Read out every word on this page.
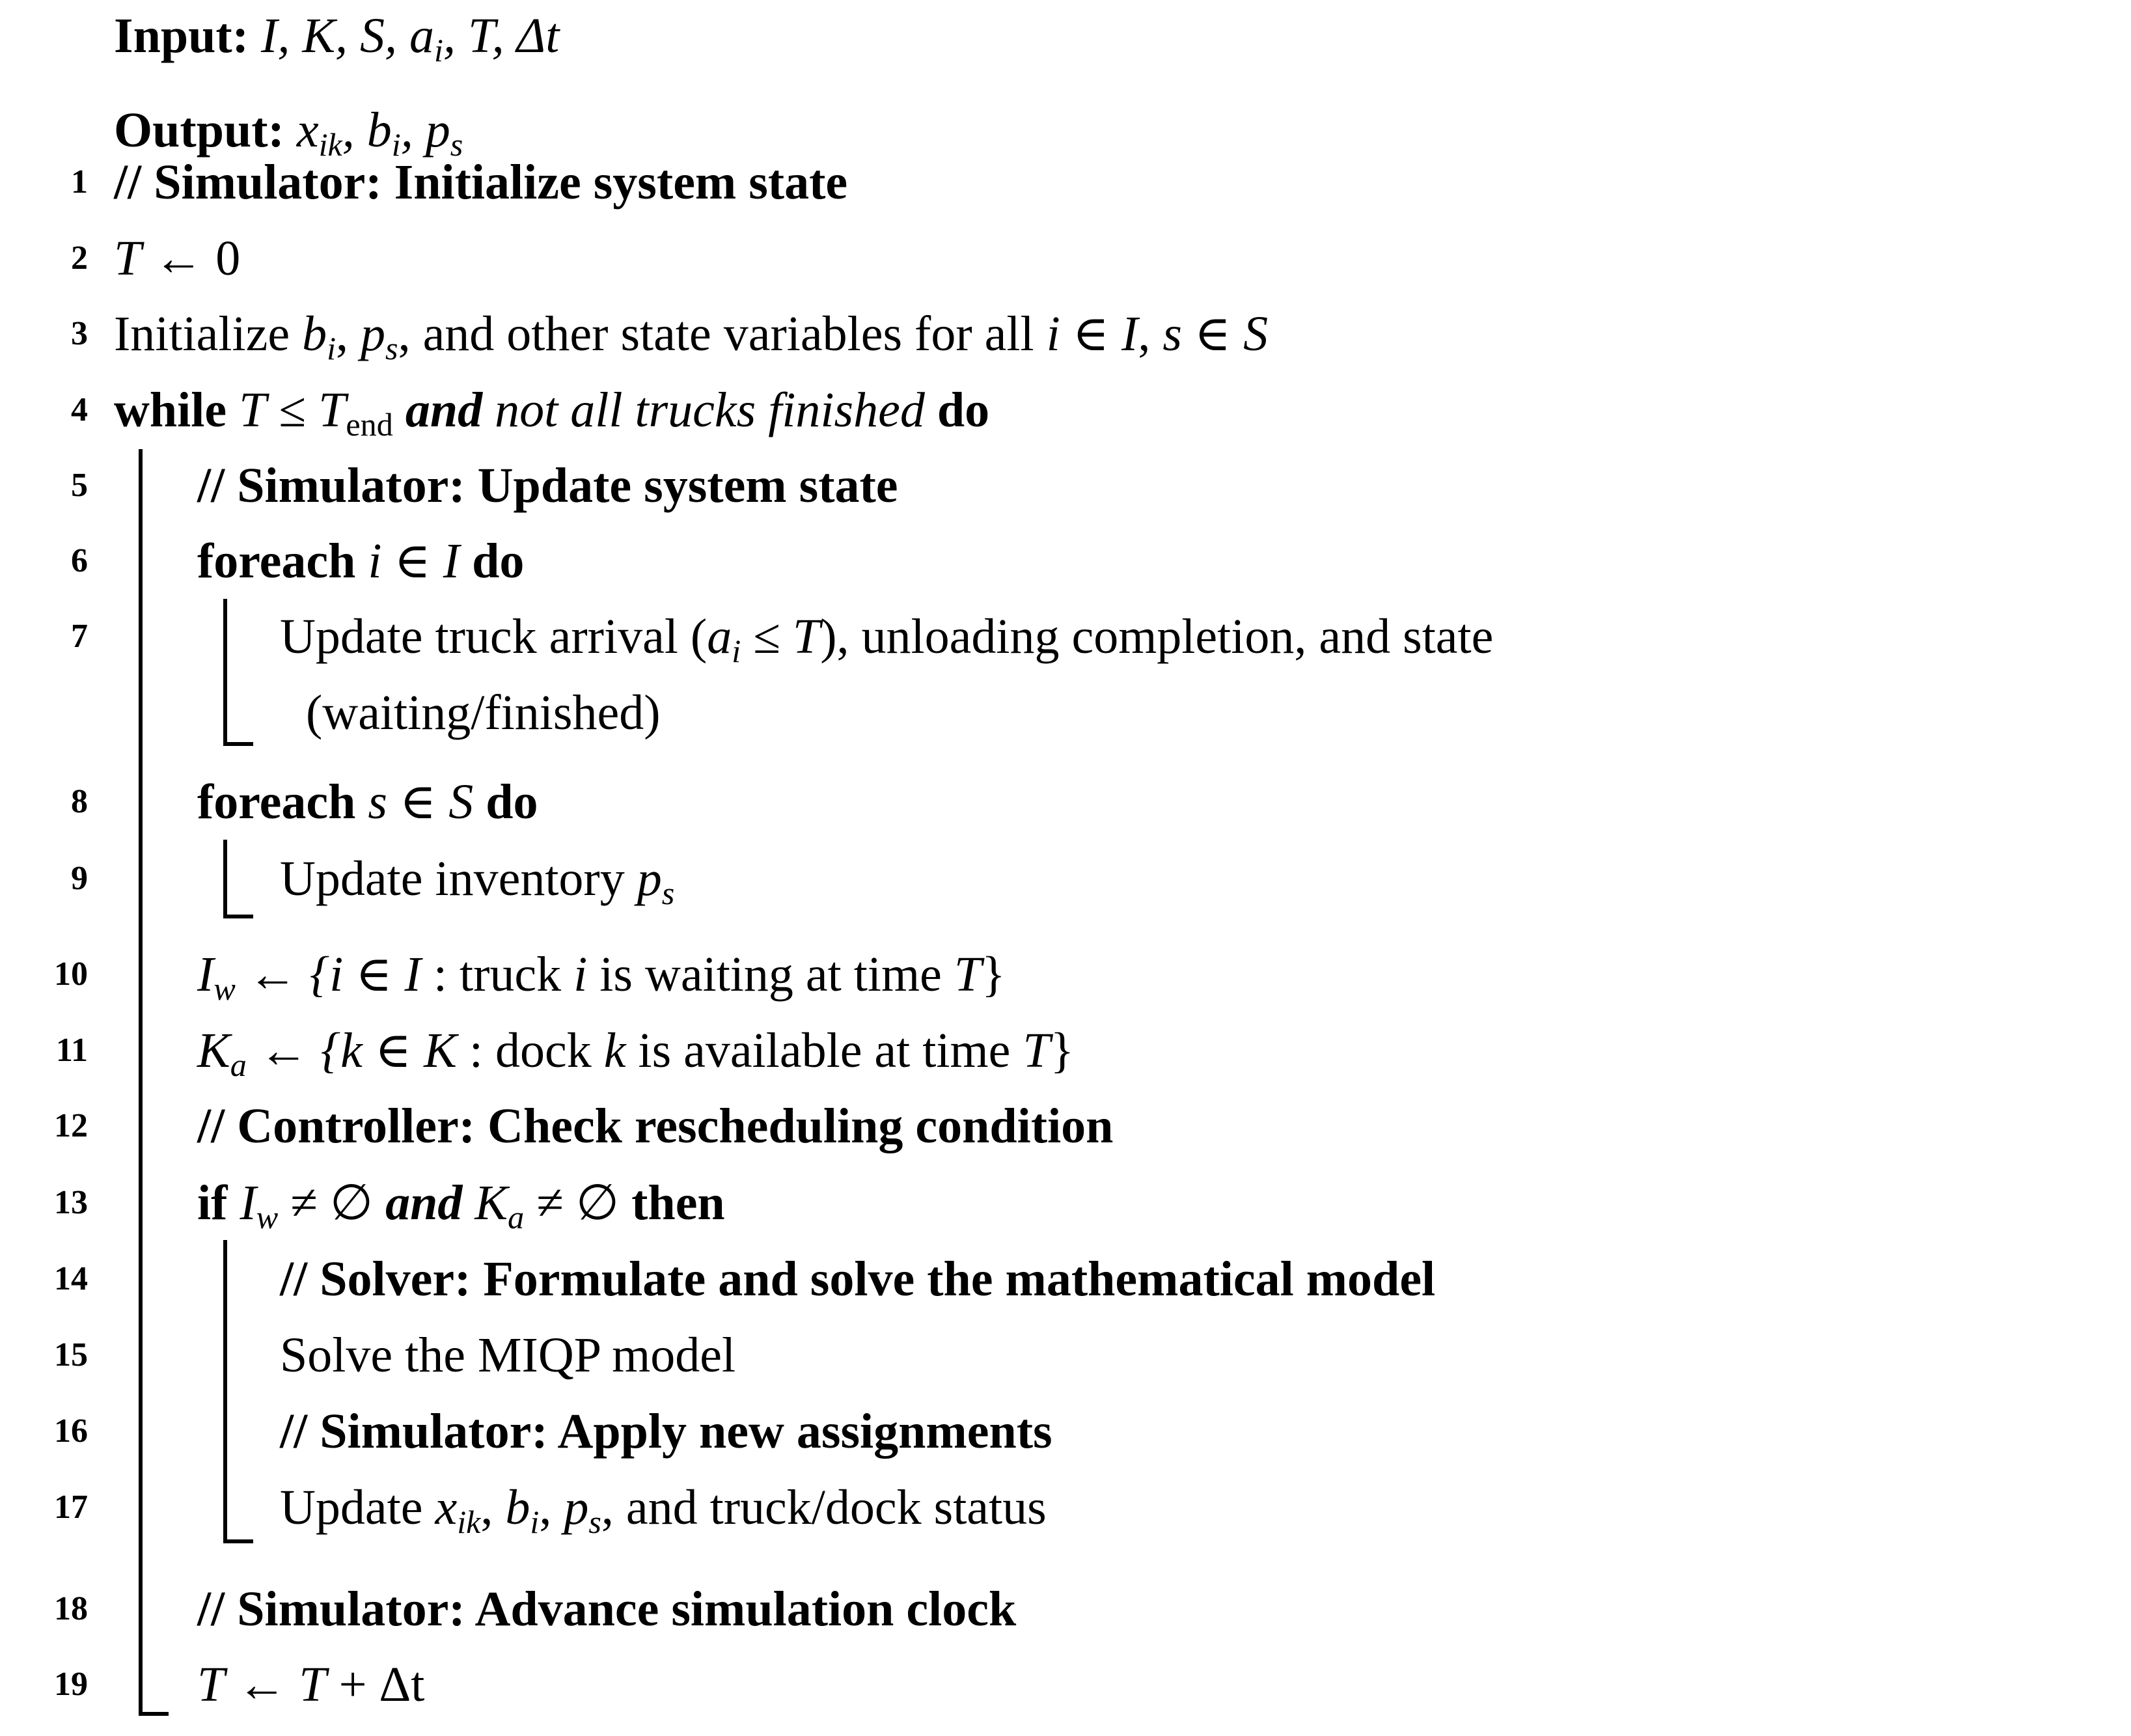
Input: I, K, S, $a_i$, T, Δt
Output: $x_{ik}$, $b_i$, $p_s$
1 // Simulator: Initialize system state
2 T ← 0
3 Initialize $b_i$, $p_s$, and other state variables for all i ∈ I, s ∈ S
4 while $T \le T_{end}$ and not all trucks finished do
5 // Simulator: Update system state
6 foreach i ∈ I do
7	Update truck arrival $(a_i \le T)$, unloading completion, and state
(waiting/finished)
8 foreach s ∈ S do
9	Update inventory $p_s$
10 $I_w$ ← {i ∈ I : truck i is waiting at time T}
11 $K_a$ ← {k ∈ K : dock k is available at time T}
12 // Controller: Check rescheduling condition
13 if $I_w$ ≠ ∅ and $K_a$ ≠ ∅ then
14	// Solver: Formulate and solve the mathematical model
15	Solve the MIQP model
16	// Simulator: Apply new assignments
17	Update $x_{ik}$, $b_i$, $p_s$, and truck/dock status
18 // Simulator: Advance simulation clock
19 T ← T + Δt
